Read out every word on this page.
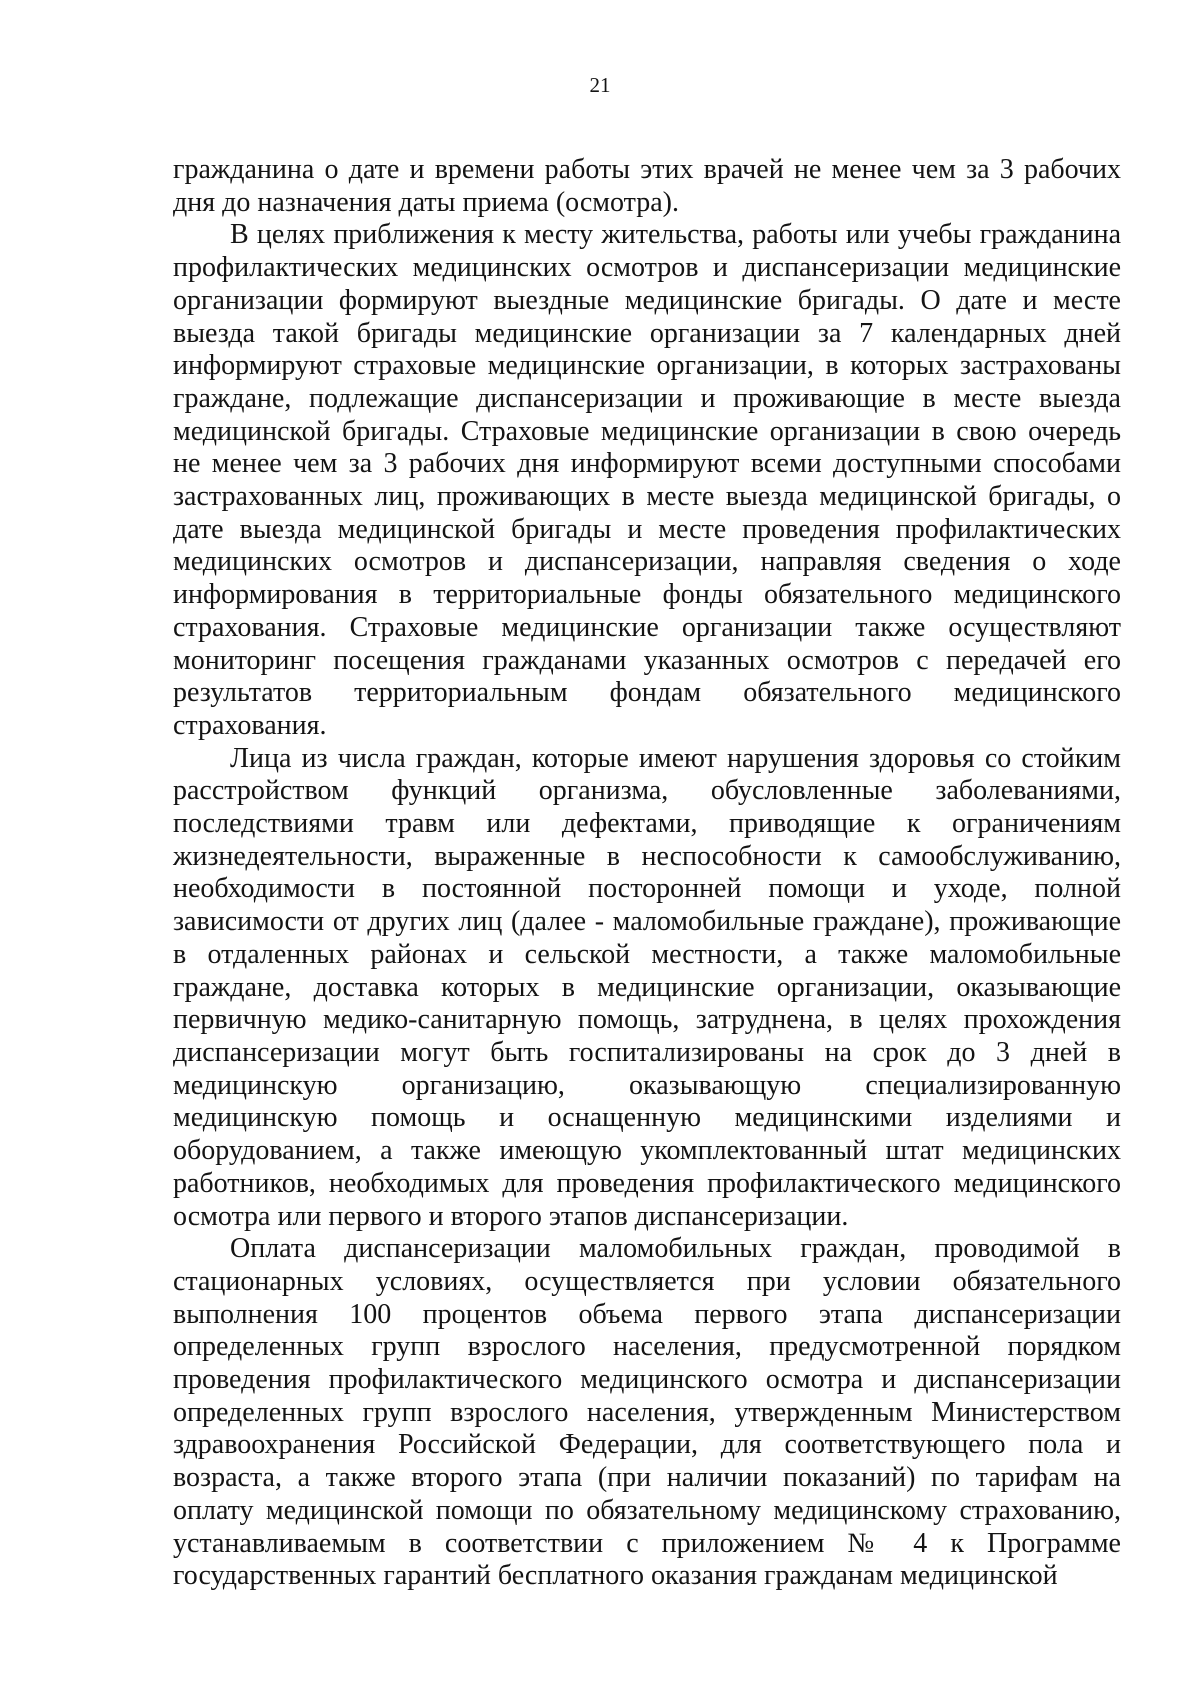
21

гражданина о дате и времени работы этих врачей не менее чем за 3 рабочих дня до назначения даты приема (осмотра).

В целях приближения к месту жительства, работы или учебы гражданина профилактических медицинских осмотров и диспансеризации медицинские организации формируют выездные медицинские бригады. О дате и месте выезда такой бригады медицинские организации за 7 календарных дней информируют страховые медицинские организации, в которых застрахованы граждане, подлежащие диспансеризации и проживающие в месте выезда медицинской бригады. Страховые медицинские организации в свою очередь не менее чем за 3 рабочих дня информируют всеми доступными способами застрахованных лиц, проживающих в месте выезда медицинской бригады, о дате выезда медицинской бригады и месте проведения профилактических медицинских осмотров и диспансеризации, направляя сведения о ходе информирования в территориальные фонды обязательного медицинского страхования. Страховые медицинские организации также осуществляют мониторинг посещения гражданами указанных осмотров с передачей его результатов территориальным фондам обязательного медицинского страхования.

Лица из числа граждан, которые имеют нарушения здоровья со стойким расстройством функций организма, обусловленные заболеваниями, последствиями травм или дефектами, приводящие к ограничениям жизнедеятельности, выраженные в неспособности к самообслуживанию, необходимости в постоянной посторонней помощи и уходе, полной зависимости от других лиц (далее - маломобильные граждане), проживающие в отдаленных районах и сельской местности, а также маломобильные граждане, доставка которых в медицинские организации, оказывающие первичную медико-санитарную помощь, затруднена, в целях прохождения диспансеризации могут быть госпитализированы на срок до 3 дней в медицинскую организацию, оказывающую специализированную медицинскую помощь и оснащенную медицинскими изделиями и оборудованием, а также имеющую укомплектованный штат медицинских работников, необходимых для проведения профилактического медицинского осмотра или первого и второго этапов диспансеризации.

Оплата диспансеризации маломобильных граждан, проводимой в стационарных условиях, осуществляется при условии обязательного выполнения 100 процентов объема первого этапа диспансеризации определенных групп взрослого населения, предусмотренной порядком проведения профилактического медицинского осмотра и диспансеризации определенных групп взрослого населения, утвержденным Министерством здравоохранения Российской Федерации, для соответствующего пола и возраста, а также второго этапа (при наличии показаний) по тарифам на оплату медицинской помощи по обязательному медицинскому страхованию, устанавливаемым в соответствии с приложением № 4 к Программе государственных гарантий бесплатного оказания гражданам медицинской
